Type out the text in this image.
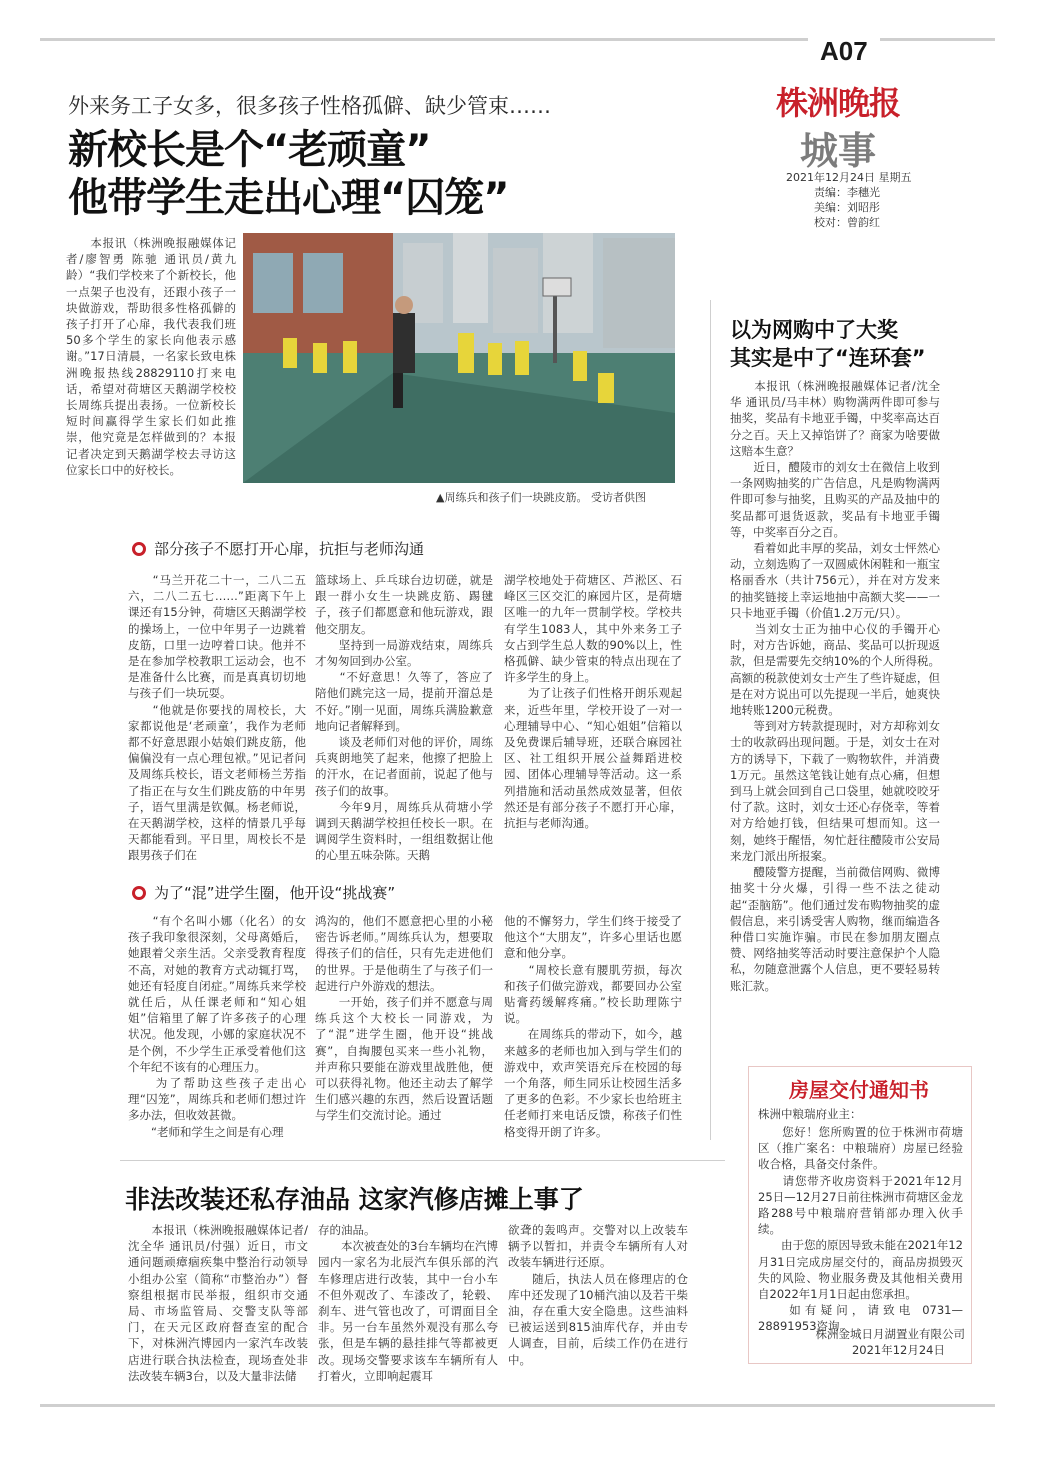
A07
株洲晚报
城事
2021年12月24日 星期五
责编：李穗光
美编：刘昭彤
校对：曾韵红
外来务工子女多，很多孩子性格孤僻、缺少管束……
新校长是个“老顽童”
他带学生走出心理“囚笼”
　　本报讯（株洲晚报融媒体记者/廖智勇 陈驰 通讯员/黄九龄）“我们学校来了个新校长，他一点架子也没有，还跟小孩子一块做游戏，帮助很多性格孤僻的孩子打开了心扉，我代表我们班50多个学生的家长向他表示感谢。”17日清晨，一名家长致电株洲晚报热线28829110打来电话，希望对荷塘区天鹅湖学校校长周练兵提出表扬。一位新校长短时间赢得学生家长们如此推崇，他究竟是怎样做到的？本报记者决定到天鹅湖学校去寻访这位家长口中的好校长。
▲周练兵和孩子们一块跳皮筋。 受访者供图
部分孩子不愿打开心扉，抗拒与老师沟通
　　“马兰开花二十一，二八二五六，二八二五七……”距离下午上课还有15分钟，荷塘区天鹅湖学校的操场上，一位中年男子一边跳着皮筋，口里一边哼着口诀。他并不是在参加学校教职工运动会，也不是准备什么比赛，而是真真切切地与孩子们一块玩耍。
　　“他就是你要找的周校长，大家都说他是‘老顽童’，我作为老师都不好意思跟小姑娘们跳皮筋，他偏偏没有一点心理包袱。”见记者问及周练兵校长，语文老师杨兰芳指了指正在与女生们跳皮筋的中年男子，语气里满是钦佩。杨老师说，在天鹅湖学校，这样的情景几乎每天都能看到。平日里，周校长不是跟男孩子们在
篮球场上、乒乓球台边切磋，就是跟一群小女生一块跳皮筋、踢毽子，孩子们都愿意和他玩游戏，跟他交朋友。
　　坚持到一局游戏结束，周练兵才匆匆回到办公室。
　　“不好意思！久等了，答应了陪他们跳完这一局，提前开溜总是不好。”刚一见面，周练兵满脸歉意地向记者解释到。
　　谈及老师们对他的评价，周练兵爽朗地笑了起来，他擦了把脸上的汗水，在记者面前，说起了他与孩子们的故事。
　　今年9月，周练兵从荷塘小学调到天鹅湖学校担任校长一职。在调阅学生资料时，一组组数据让他的心里五味杂陈。天鹅
湖学校地处于荷塘区、芦淞区、石峰区三区交汇的麻园片区，是荷塘区唯一的九年一贯制学校。学校共有学生1083人，其中外来务工子女占到学生总人数的90%以上，性格孤僻、缺少管束的特点出现在了许多学生的身上。
　　为了让孩子们性格开朗乐观起来，近些年里，学校开设了一对一心理辅导中心、“知心姐姐”信箱以及免费课后辅导班，还联合麻园社区、社工组织开展公益舞蹈进校园、团体心理辅导等活动。这一系列措施和活动虽然成效显著，但依然还是有部分孩子不愿打开心扉，抗拒与老师沟通。
为了“混”进学生圈，他开设“挑战赛”
　　“有个名叫小娜（化名）的女孩子我印象很深刻，父母离婚后，她跟着父亲生活。父亲受教育程度不高，对她的教育方式动辄打骂，她还有轻度自闭症。”周练兵来学校就任后，从任课老师和“知心姐姐”信箱里了解了许多孩子的心理状况。他发现，小娜的家庭状况不是个例，不少学生正承受着他们这个年纪不该有的心理压力。
　　为了帮助这些孩子走出心理“囚笼”，周练兵和老师们想过许多办法，但收效甚微。
　　“老师和学生之间是有心理
鸿沟的，他们不愿意把心里的小秘密告诉老师。”周练兵认为，想要取得孩子们的信任，只有先走进他们的世界。于是他萌生了与孩子们一起进行户外游戏的想法。
　　一开始，孩子们并不愿意与周练兵这个大校长一同游戏，为了“混”进学生圈，他开设“挑战赛”，自掏腰包买来一些小礼物，并声称只要能在游戏里战胜他，便可以获得礼物。他还主动去了解学生们感兴趣的东西，然后设置话题与学生们交流讨论。通过
他的不懈努力，学生们终于接受了他这个“大朋友”，许多心里话也愿意和他分享。
　　“周校长意有腰肌劳损，每次和孩子们做完游戏，都要回办公室贴膏药缓解疼痛。”校长助理陈宁说。
　　在周练兵的带动下，如今，越来越多的老师也加入到与学生们的游戏中，欢声笑语充斥在校园的每一个角落，师生同乐让校园生活多了更多的色彩。不少家长也给班主任老师打来电话反馈，称孩子们性格变得开朗了许多。
以为网购中了大奖
其实是中了“连环套”
　　本报讯（株洲晚报融媒体记者/沈全华 通讯员/马丰林）购物满两件即可参与抽奖，奖品有卡地亚手镯，中奖率高达百分之百。天上又掉馅饼了？商家为啥要做这赔本生意？
　　近日，醴陵市的刘女士在微信上收到一条网购抽奖的广告信息，凡是购物满两件即可参与抽奖，且购买的产品及抽中的奖品都可退货返款，奖品有卡地亚手镯等，中奖率百分之百。
　　看着如此丰厚的奖品，刘女士怦然心动，立刻选购了一双圆威休闲鞋和一瓶宝格丽香水（共计756元），并在对方发来的抽奖链接上幸运地抽中高额大奖——一只卡地亚手镯（价值1.2万元/只）。
　　当刘女士正为抽中心仪的手镯开心时，对方告诉她，商品、奖品可以折现返款，但是需要先交纳10%的个人所得税。高额的税款使刘女士产生了些许疑虑，但是在对方说出可以先提现一半后，她爽快地转账1200元税费。
　　等到对方转款提现时，对方却称刘女士的收款码出现问题。于是，刘女士在对方的诱导下，下载了一购物软件，并消费1万元。虽然这笔钱让她有点心痛，但想到马上就会回到自己口袋里，她就咬咬牙付了款。这时，刘女士还心存侥幸，等着对方给她打钱，但结果可想而知。这一刻，她终于醒悟，匆忙赶往醴陵市公安局来龙门派出所报案。
　　醴陵警方提醒，当前微信网购、微博抽奖十分火爆，引得一些不法之徒动起“歪脑筋”。他们通过发布购物抽奖的虚假信息，来引诱受害人购物，继而编造各种借口实施诈骗。市民在参加朋友圈点赞、网络抽奖等活动时要注意保护个人隐私，勿随意泄露个人信息，更不要轻易转账汇款。
房屋交付通知书
株洲中粮瑞府业主：
　　您好！您所购置的位于株洲市荷塘区（推广案名：中粮瑞府）房屋已经验收合格，具备交付条件。
　　请您带齐收房资料于2021年12月25日—12月27日前往株洲市荷塘区金龙路288号中粮瑞府营销部办理入伙手续。
　　由于您的原因导致未能在2021年12月31日完成房屋交付的，商品房损毁灭失的风险、物业服务费及其他相关费用自2022年1月1日起由您承担。
　　如有疑问，请致电 0731—28891953咨询。
株洲金城日月湖置业有限公司
2021年12月24日
非法改装还私存油品 这家汽修店摊上事了
　　本报讯（株洲晚报融媒体记者/沈全华 通讯员/付强）近日，市文通问题顽瘴痼疾集中整治行动领导小组办公室（简称“市整治办”）督察组根据市民举报，组织市交通局、市场监管局、交警支队等部门，在天元区政府督查室的配合下，对株洲汽博园内一家汽车改装店进行联合执法检查，现场查处非法改装车辆3台，以及大量非法储
存的油品。
　　本次被查处的3台车辆均在汽博园内一家名为北辰汽车俱乐部的汽车修理店进行改装，其中一台小车不但外观改了、车漆改了，轮毂、刹车、进气管也改了，可谓面目全非。另一台车虽然外观没有那么夸张，但是车辆的悬挂排气等都被更改。现场交警要求该车车辆所有人打着火，立即响起震耳
欲聋的轰鸣声。交警对以上改装车辆予以暂扣，并责令车辆所有人对改装车辆进行还原。
　　随后，执法人员在修理店的仓库中还发现了10桶汽油以及若干柴油，存在重大安全隐患。这些油料已被运送到815油库代存，并由专人调查，目前，后续工作仍在进行中。
